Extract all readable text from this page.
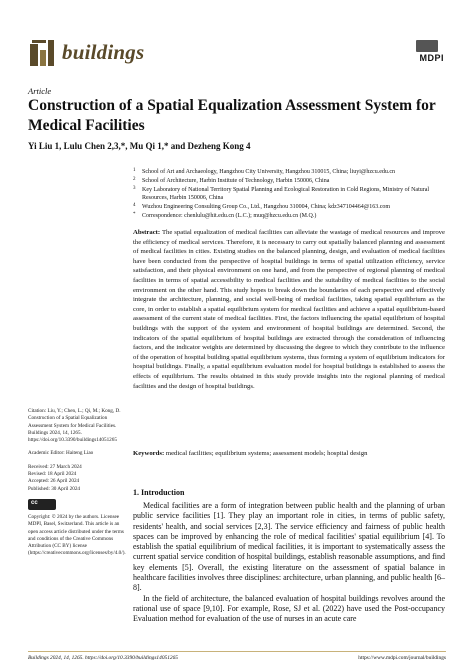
buildings	MDPI
Article
Construction of a Spatial Equalization Assessment System for Medical Facilities
Yi Liu 1, Lulu Chen 2,3,*, Mu Qi 1,* and Dezheng Kong 4
1 School of Art and Archaeology, Hangzhou City University, Hangzhou 310015, China; liuyi@hzcu.edu.cn
2 School of Architecture, Harbin Institute of Technology, Harbin 150006, China
3 Key Laboratory of National Territory Spatial Planning and Ecological Restoration in Cold Regions, Ministry of Natural Resources, Harbin 150006, China
4 Wuzhou Engineering Consulting Group Co., Ltd., Hangzhou 310004, China; kdz347104464@163.com
* Correspondence: chenlulu@hit.edu.cn (L.C.); muq@hzcu.edu.cn (M.Q.)
Abstract: The spatial equalization of medical facilities can alleviate the wastage of medical resources and improve the efficiency of medical services. Therefore, it is necessary to carry out spatially balanced planning and assessment of medical facilities in cities. Existing studies on the balanced planning, design, and evaluation of medical facilities have been conducted from the perspective of hospital buildings in terms of spatial utilization efficiency, service satisfaction, and their physical environment on one hand, and from the perspective of regional planning of medical facilities in terms of spatial accessibility to medical facilities and the suitability of medical facilities to the social environment on the other hand. This study hopes to break down the boundaries of each perspective and effectively integrate the architecture, planning, and social well-being of medical facilities, taking spatial equilibrium as the core, in order to establish a spatial equilibrium system for medical facilities and achieve a spatial equilibrium-based assessment of the current state of medical facilities. First, the factors influencing the spatial equilibrium of hospital buildings with the support of the system and environment of hospital buildings are determined. Second, the indicators of the spatial equilibrium of hospital buildings are extracted through the consideration of influencing factors, and the indicator weights are determined by discussing the degree to which they contribute to the influence of the operation of hospital building spatial equilibrium systems, thus forming a system of equilibrium indicators for hospital buildings. Finally, a spatial equilibrium evaluation model for hospital buildings is established to assess the effects of equilibrium. The results obtained in this study provide insights into the regional planning of medical facilities and the design of hospital buildings.
Keywords: medical facilities; equilibrium systems; assessment models; hospital design

Citation: Liu, Y.; Chen, L.; Qi, M.; Kong, D. Construction of a Spatial Equalization Assessment System for Medical Facilities. Buildings 2024, 14, 1265. https://doi.org/10.3390/buildings14051265

Academic Editor: Haiteng Liao

Received: 27 March 2024
Revised: 18 April 2024
Accepted: 26 April 2024

Published: 30 April 2024

cc

Copyright: © 2024 by the authors. Licensee MDPI, Basel, Switzerland. This article is an open access article distributed under the terms and conditions of the Creative Commons Attribution (CC BY) license (https://creativecommons.org/licenses/by/4.0/).

1. Introduction

Medical facilities are a form of integration between public health and the planning of urban public service facilities [1]. They play an important role in cities, in terms of public safety, residents' health, and social services [2,3]. The service efficiency and fairness of public health spaces can be improved by enhancing the role of medical facilities' spatial equilibrium [4]. To establish the spatial equilibrium of medical facilities, it is important to systematically assess the current spatial service condition of hospital buildings, establish reasonable assumptions, and find key elements [5]. Overall, the existing literature on the assessment of spatial balance in healthcare facilities involves three disciplines: architecture, urban planning, and public health [6–8].

In the field of architecture, the balanced evaluation of hospital buildings revolves around the rational use of space [9,10]. For example, Rose, SJ et al. (2022) have used the Post-occupancy Evaluation method for evaluation of the use of nurses in an acute care

Buildings 2024, 14, 1265. https://doi.org/10.3390/buildings14051265	https://www.mdpi.com/journal/buildings
